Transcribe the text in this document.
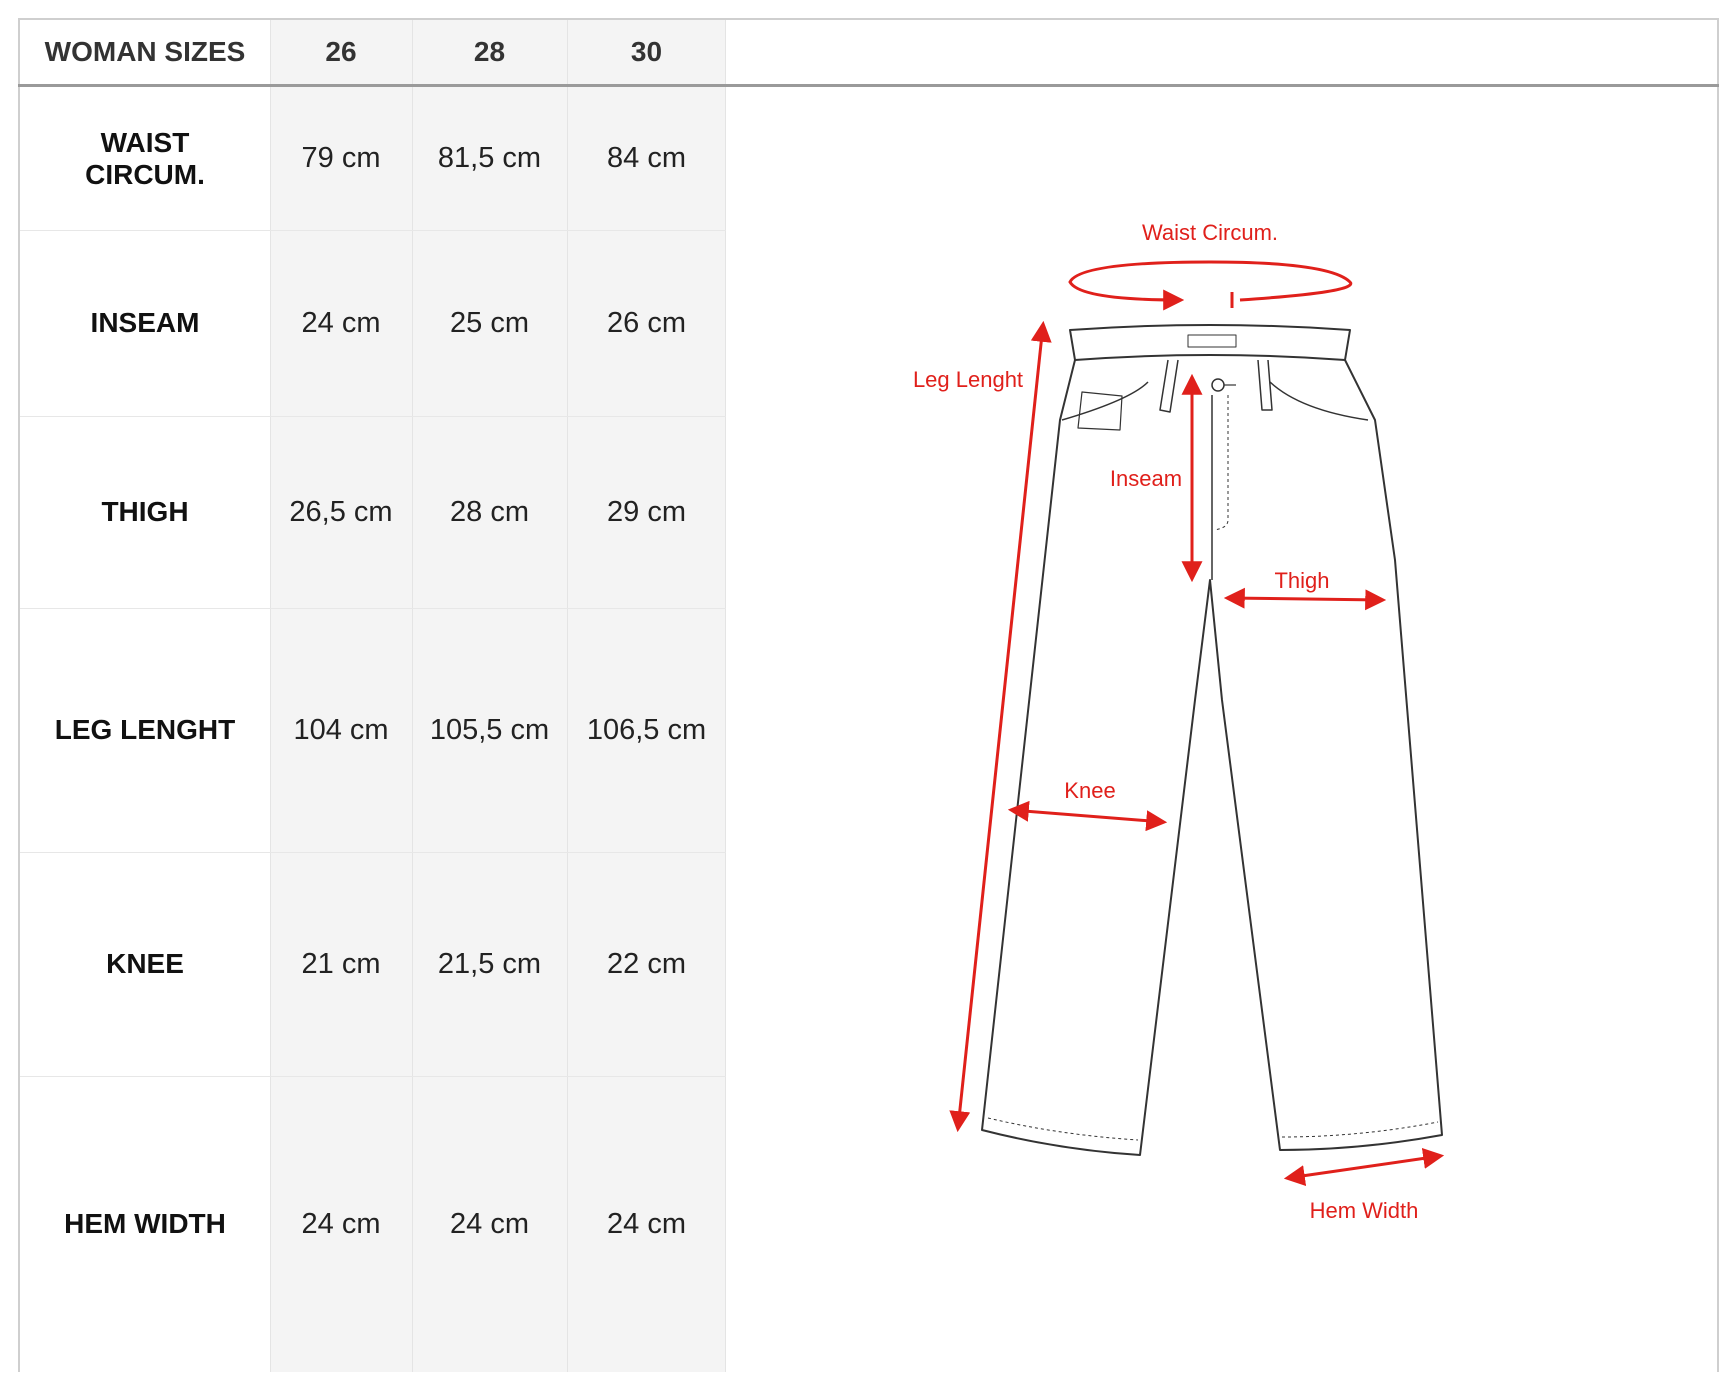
WOMAN SIZES	26	28	30
WAIST
CIRCUM.	79 cm	81,5 cm	84 cm
INSEAM	24 cm	25 cm	26 cm
THIGH	26,5 cm	28 cm	29 cm
LEG LENGHT	104 cm	105,5 cm	106,5 cm
KNEE	21 cm	21,5 cm	22 cm
HEM WIDTH	24 cm	24 cm	24 cm
Waist Circum.
Leg Lenght
Inseam
Thigh
Knee
Hem Width
